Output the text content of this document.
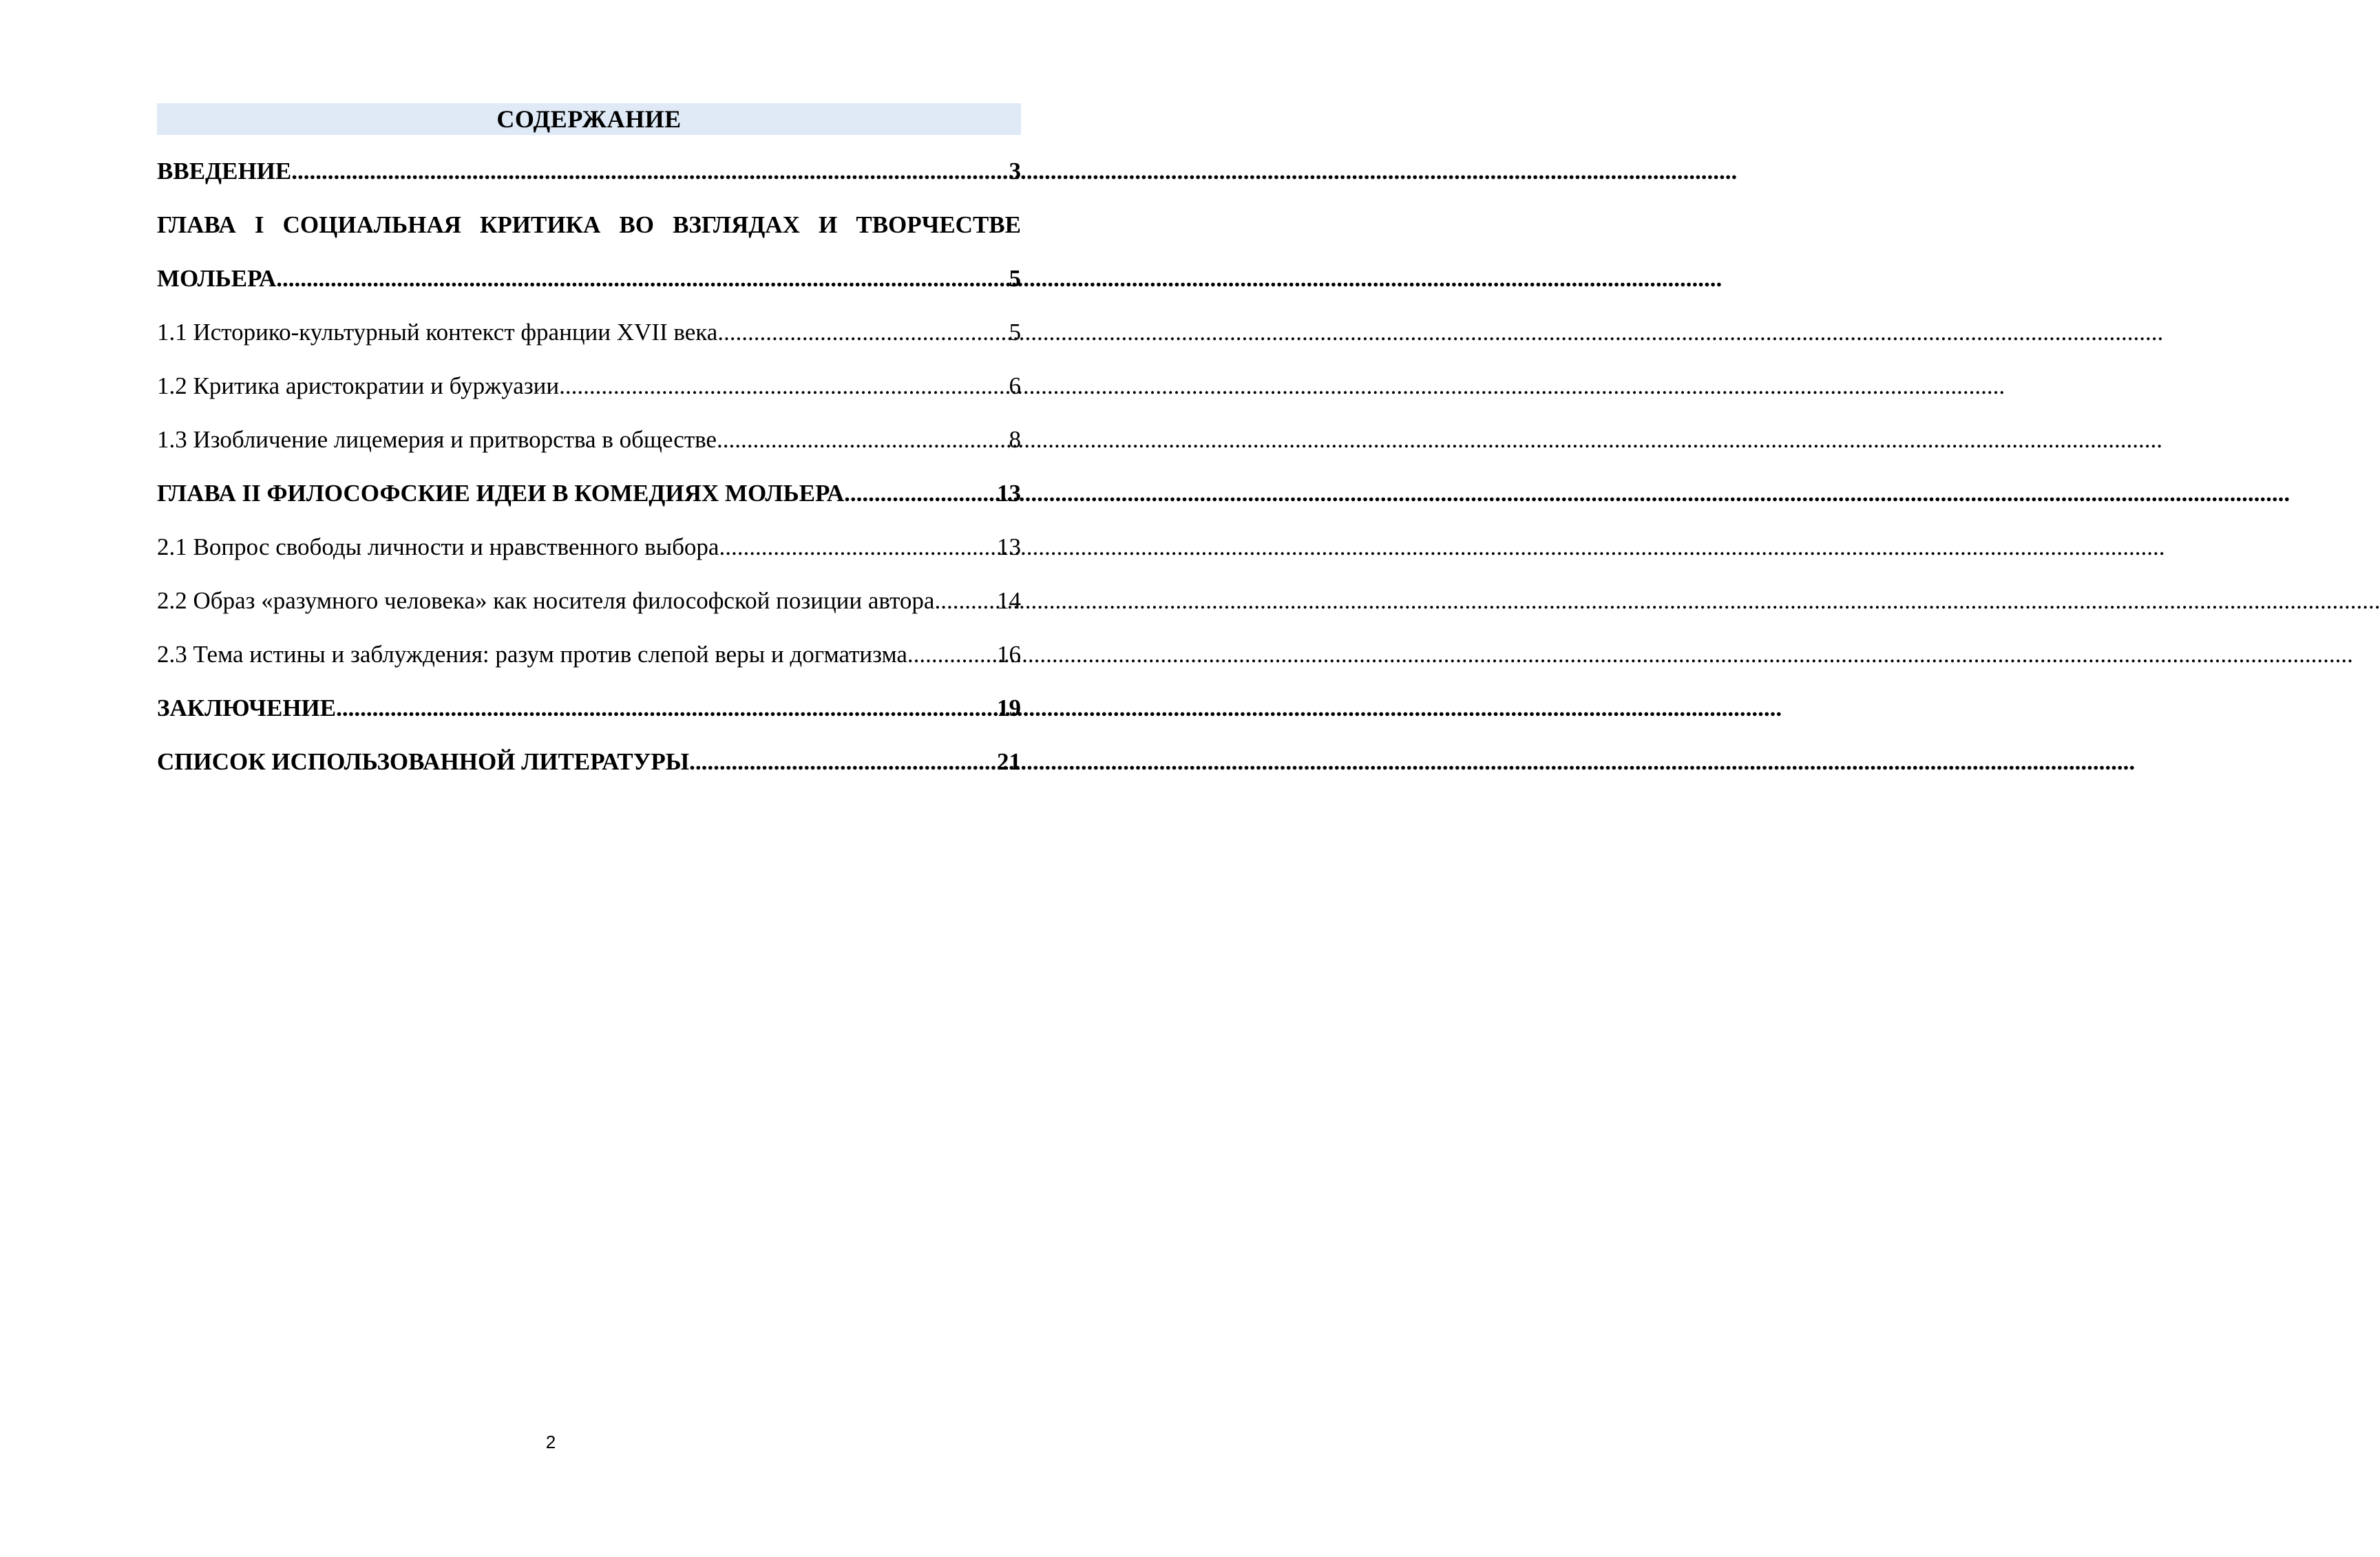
СОДЕРЖАНИЕ
ВВЕДЕНИЕ .....	3
ГЛАВА I СОЦИАЛЬНАЯ КРИТИКА ВО ВЗГЛЯДАХ И ТВОРЧЕСТВЕ
МОЛЬЕРА .....	5
1.1 Историко-культурный контекст франции XVII века .....	5
1.2 Критика аристократии и буржуазии .....	6
1.3 Изобличение лицемерия и притворства в обществе .....	8
ГЛАВА II ФИЛОСОФСКИЕ ИДЕИ В КОМЕДИЯХ МОЛЬЕРА .....	13
2.1 Вопрос свободы личности и нравственного выбора .....	13
2.2 Образ «разумного человека» как носителя философской позиции автора .....	14
2.3 Тема истины и заблуждения: разум против слепой веры и догматизма .....	16
ЗАКЛЮЧЕНИЕ .....	19
СПИСОК ИСПОЛЬЗОВАННОЙ ЛИТЕРАТУРЫ .....	21
2
